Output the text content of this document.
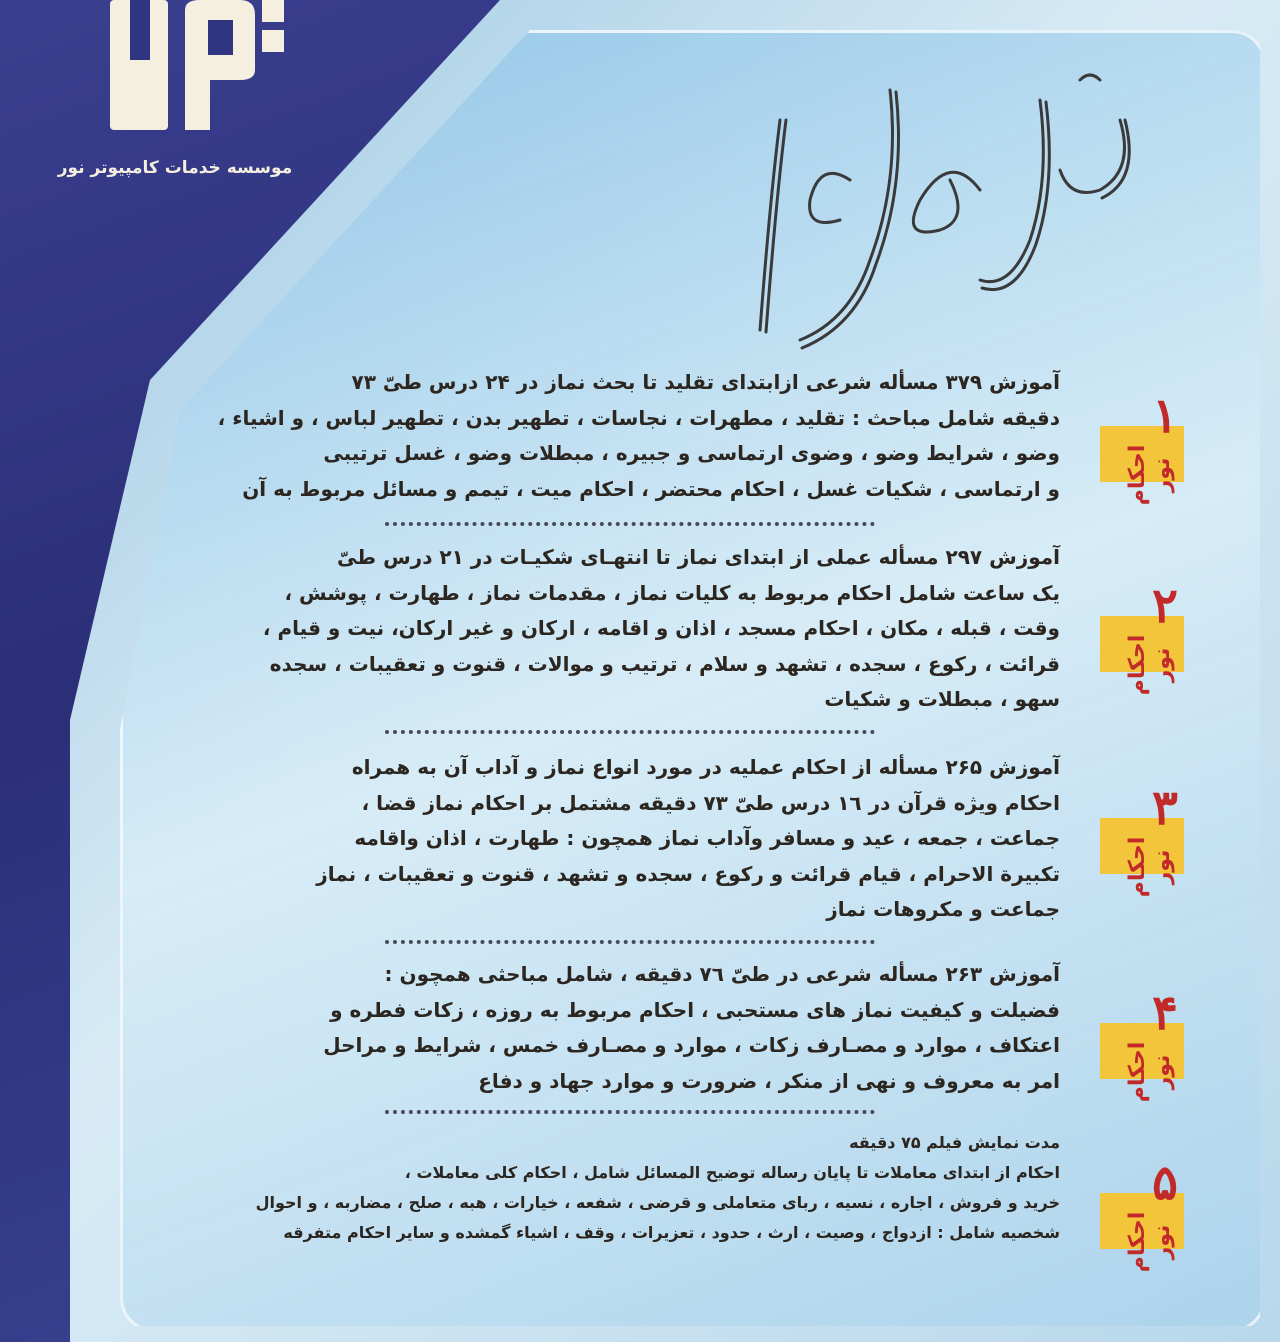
موسسه خدمات کامپیوتر نور
۱
احکام نور

آموزش ۳۷۹ مسأله شرعی ازابتدای تقلید تا بحث نماز در ۲۴ درس طیّ ۷۳

دقیقه شامل مباحث : تقلید ، مطهرات ، نجاسات ، تطهیر بدن ، تطهیر لباس ، و اشیاء ،

وضو ، شرایط وضو ، وضوی ارتماسی و جبیره ، مبطلات وضو ، غسل ترتیبی

و ارتماسی ، شکیات غسل ، احکام محتضر ، احکام میت ، تیمم و مسائل مربوط به آن

۲
احکام نور

آموزش ۲۹۷ مسأله عملی از ابتدای نماز تا انتهـای شکیـات در ۲۱ درس طیّ

یک ساعت شامل احکام مربوط به کلیات نماز ، مقدمات نماز ، طهارت ، پوشش ،

وقت ، قبله ، مکان ، احکام مسجد ، اذان و اقامه ، ارکان و غیر ارکان، نیت و قیام ،

قرائت ، رکوع ، سجده ، تشهد و سلام ، ترتیب و موالات ، قنوت و تعقیبات ، سجده

سهو ، مبطلات و شکیات

۳
احکام نور

آموزش ۲۶۵ مسأله از احکام عملیه در مورد انواع نماز و آداب آن به همراه

احکام ویژه قرآن در ۱٦ درس طیّ ۷۳ دقیقه مشتمل بر احکام نماز قضا ،

جماعت ، جمعه ، عید و مسافر وآداب نماز همچون : طهارت ، اذان واقامه

تکبیرة الاحرام ، قیام قرائت و رکوع ، سجده و تشهد ، قنوت و تعقیبات ، نماز

جماعت و مکروهات نماز

۴
احکام نور

آموزش ۲۶۳ مسأله شرعی در طیّ ۷٦ دقیقه ، شامل مباحثی همچون :

فضیلت و کیفیت نماز های مستحبی ، احکام مربوط به روزه ، زکات فطره و

اعتکاف ، موارد و مصـارف زکات ، موارد و مصـارف خمس ، شرایط و مراحل

امر به معروف و نهی از منکر ، ضرورت و موارد جهاد و دفاع

۵
احکام نور

مدت نمایش فیلم ۷۵ دقیقه

احکام از ابتدای معاملات تا پایان رساله توضیح المسائل شامل ، احکام کلی معاملات ،

خرید و فروش ، اجاره ، نسیه ، ربای متعاملی و قرضی ، شفعه ، خیارات ، هبه ، صلح ، مضاربه ، و احوال

شخصیه شامل : ازدواج ، وصیت ، ارث ، حدود ، تعزیرات ، وقف ، اشیاء گمشده و سایر احکام متفرقه
